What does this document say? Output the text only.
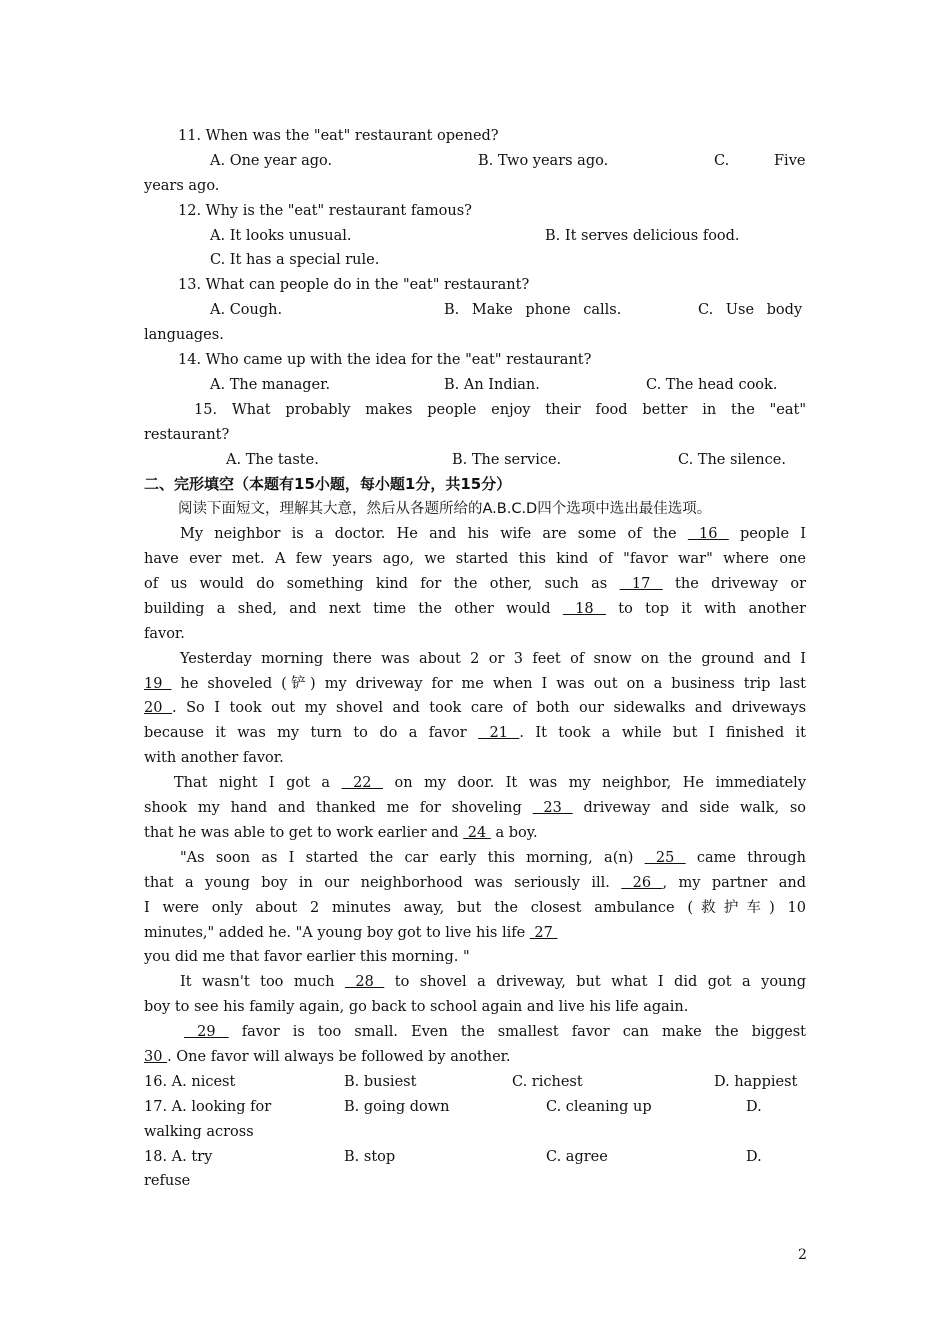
11. When was the "eat" restaurant opened?
A. One year ago.	B. Two years ago.	C.	Five
years ago.
12. Why is the "eat" restaurant famous?
A. It looks unusual.	B. It serves delicious food.
C. It has a special rule.
13. What can people do in the "eat" restaurant?
A. Cough.	B. Make phone calls.	C. Use body
languages.
14. Who came up with the idea for the "eat" restaurant?
A. The manager.	B. An Indian.	C. The head cook.
15. What probably makes people enjoy their food better in the "eat"
restaurant?
A. The taste.	B. The service.	C. The silence.
二、完形填空（本题有15小题，每小题1分，共15分）
阅读下面短文，理解其大意，然后从各题所给的A.B.C.D四个选项中选出最佳选项。
My neighbor is a doctor. He and his wife are some of the  16  people I
have ever met. A few years ago, we started this kind of "favor war" where one
of us would do something kind for the other, such as  17  the driveway or
building a shed, and next time the other would  18  to top it with another
favor.
Yesterday morning there was about 2 or 3 feet of snow on the ground and I
19  he shoveled (铲) my driveway for me when I was out on a business trip last
20 . So I took out my shovel and took care of both our sidewalks and driveways
because it was my turn to do a favor  21 . It took a while but I finished it
with another favor.
That night I got a  22  on my door. It was my neighbor, He immediately
shook my hand and thanked me for shoveling  23  driveway and side walk, so
that he was able to get to work earlier and  24  a boy.
"As soon as I started the car early this morning, a(n)  25  came through
that a young boy in our neighborhood was seriously ill.  26 , my partner and
I were only about 2 minutes away, but the closest ambulance (救护车) 10
minutes," added he. "A young boy got to live his life  27
you did me that favor earlier this morning. "
It wasn't too much  28  to shovel a driveway, but what I did got a young
boy to see his family again, go back to school again and live his life again.
29  favor is too small. Even the smallest favor can make the biggest
30 . One favor will always be followed by another.
16. A. nicest	B. busiest	C. richest	D. happiest
17. A. looking for	B. going down	C. cleaning up	D.
walking across
18. A. try	B. stop	C. agree	D.
refuse
2
